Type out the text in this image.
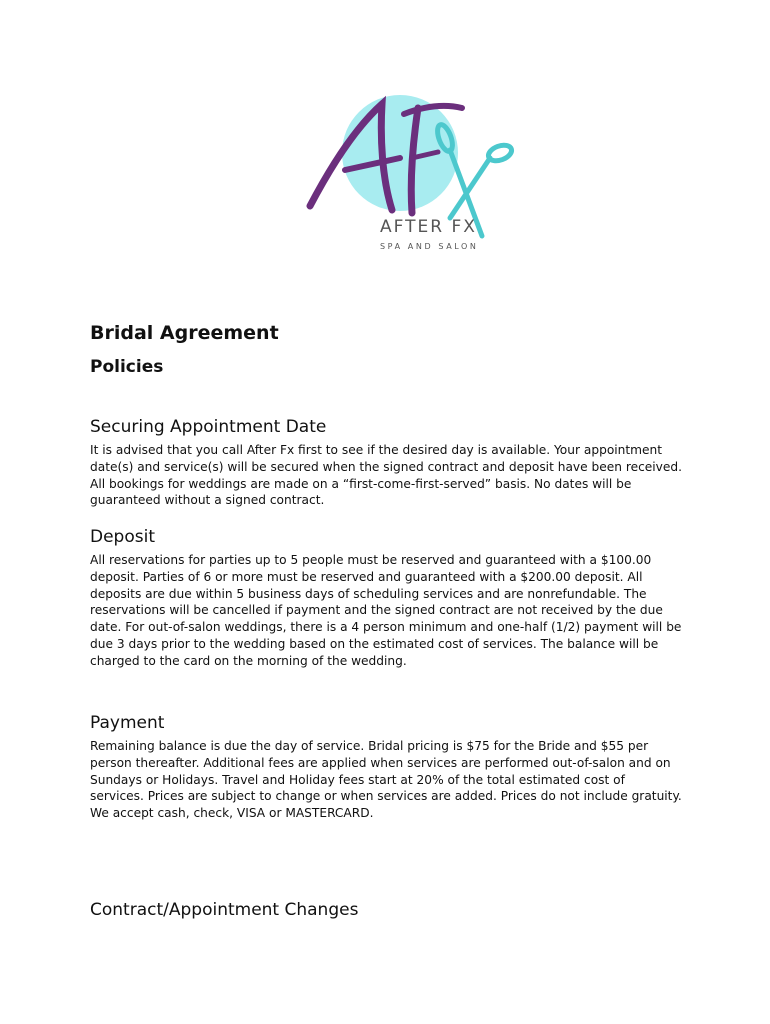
AFTER FX
SPA AND SALON
Bridal Agreement
Policies
Securing Appointment Date

It is advised that you call After Fx first to see if the desired day is available. Your appointment date(s) and service(s) will be secured when the signed contract and deposit have been received. All bookings for weddings are made on a “first-come-first-served” basis. No dates will be guaranteed without a signed contract.

Deposit

All reservations for parties up to 5 people must be reserved and guaranteed with a $100.00 deposit. Parties of 6 or more must be reserved and guaranteed with a $200.00 deposit. All deposits are due within 5 business days of scheduling services and are nonrefundable. The reservations will be cancelled if payment and the signed contract are not received by the due date. For out-of-salon weddings, there is a 4 person minimum and one-half (1/2) payment will be due 3 days prior to the wedding based on the estimated cost of services. The balance will be charged to the card on the morning of the wedding.

Payment

Remaining balance is due the day of service. Bridal pricing is $75 for the Bride and $55 per person thereafter. Additional fees are applied when services are performed out-of-salon and on Sundays or Holidays. Travel and Holiday fees start at 20% of the total estimated cost of services. Prices are subject to change or when services are added. Prices do not include gratuity. We accept cash, check, VISA or MASTERCARD.

Contract/Appointment Changes
